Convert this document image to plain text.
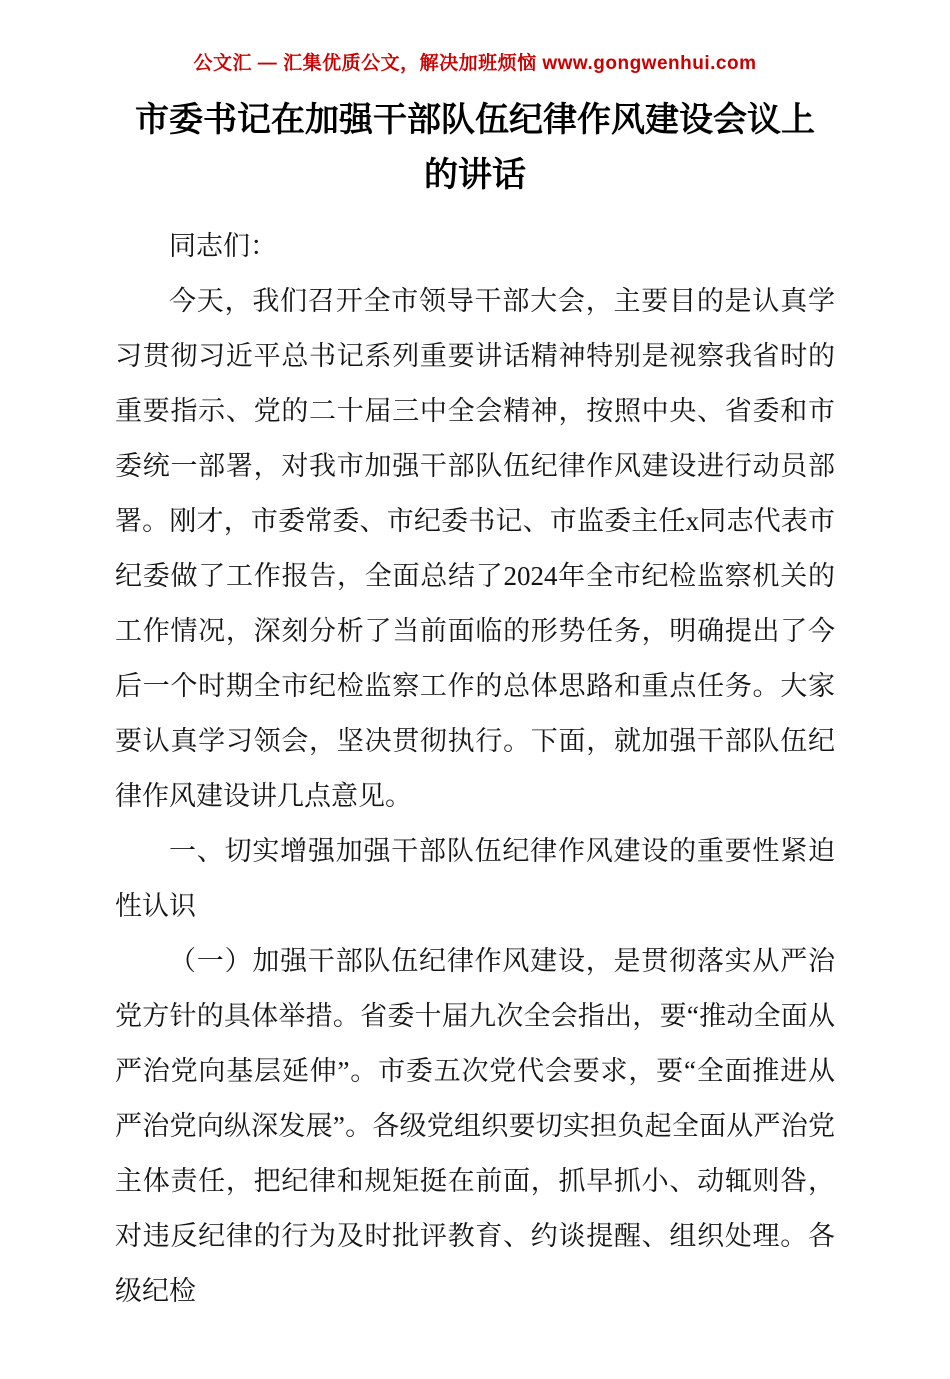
公文汇 — 汇集优质公文，解决加班烦恼 www.gongwenhui.com
市委书记在加强干部队伍纪律作风建设会议上的讲话

同志们：

今天，我们召开全市领导干部大会，主要目的是认真学习贯彻习近平总书记系列重要讲话精神特别是视察我省时的重要指示、党的二十届三中全会精神，按照中央、省委和市委统一部署，对我市加强干部队伍纪律作风建设进行动员部署。刚才，市委常委、市纪委书记、市监委主任x同志代表市纪委做了工作报告，全面总结了2024年全市纪检监察机关的工作情况，深刻分析了当前面临的形势任务，明确提出了今后一个时期全市纪检监察工作的总体思路和重点任务。大家要认真学习领会，坚决贯彻执行。下面，就加强干部队伍纪律作风建设讲几点意见。

一、切实增强加强干部队伍纪律作风建设的重要性紧迫性认识

（一）加强干部队伍纪律作风建设，是贯彻落实从严治党方针的具体举措。省委十届九次全会指出，要“推动全面从严治党向基层延伸”。市委五次党代会要求，要“全面推进从严治党向纵深发展”。各级党组织要切实担负起全面从严治党主体责任，把纪律和规矩挺在前面，抓早抓小、动辄则咎，对违反纪律的行为及时批评教育、约谈提醒、组织处理。各级纪检
